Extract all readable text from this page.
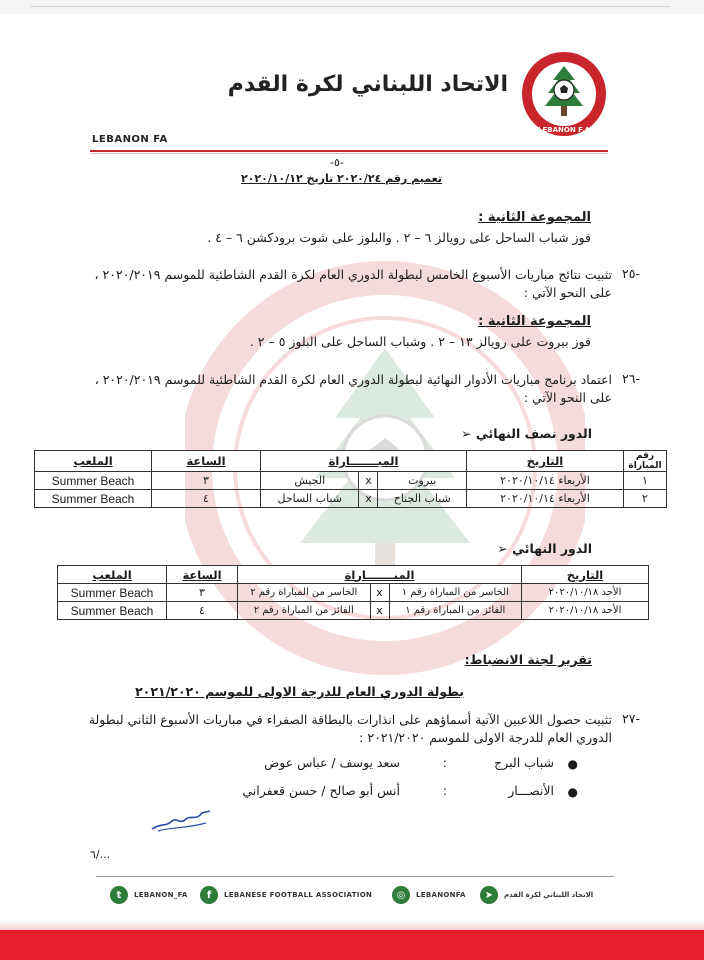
LEBANON F.A
الاتحاد اللبناني لكرة القدم
LEBANON FA
-٥-
تعميم رقم ٢٠٢٠/٢٤ تاريخ ٢٠٢٠/١٠/١٢
المجموعة الثانية :
فوز شباب الساحل على رويالز ٦ – ٢ . والبلوز على شوت برودكشن ٦ – ٤ .
-٢٥
تثبيت نتائج مباريات الأسبوع الخامس لبطولة الدوري العام لكرة القدم الشاطئية للموسم ٢٠٢٠/٢٠١٩ ، على النحو الآتي :
المجموعة الثانية :
فوز بيروت على رويالز ١٣ – ٢ . وشباب الساحل على البلوز ٥ – ٢ .
-٢٦
اعتماد برنامج مباريات الأدوار النهائية لبطولة الدوري العام لكرة القدم الشاطئية للموسم ٢٠٢٠/٢٠١٩ ، على النحو الآتي :
الدور نصف النهائي ➢
رقم المباراة	التاريخ	المبـــــــاراة			الساعة	الملعب
١	الأربعاء ٢٠٢٠/١٠/١٤	بيروت	x	الجيش	٣	Summer Beach
٢	الأربعاء ٢٠٢٠/١٠/١٤	شباب الجناح	x	شباب الساحل	٤	Summer Beach
الدور النهائي ➢
التاريخ	المبـــــــاراة			الساعة	الملعب
الأحد ٢٠٢٠/١٠/١٨	الخاسر من المباراة رقم ١	x	الخاسر من المباراة رقم ٢	٣	Summer Beach
الأحد ٢٠٢٠/١٠/١٨	الفائز من المباراة رقم ١	x	الفائز من المباراة رقم ٢	٤	Summer Beach
تقرير لجنة الانضباط:
بطولة الدوري العام للدرجة الاولى للموسم ٢٠٢١/٢٠٢٠
-٢٧
تثبيت حصول اللاعبين الآتية أسماؤهم على انذارات بالبطاقة الصفراء في مباريات الأسبوع الثاني لبطولة الدوري العام للدرجة الاولى للموسم ٢٠٢١/٢٠٢٠ :
●
شباب البرج
:
سعد يوسف / عباس عوض
●
الأنصـــار
:
أنس أبو صالح / حسن قعفراني
٦/...
t	LEBANON_FA	f	LEBANESE FOOTBALL ASSOCIATION	◎	LEBANONFA	➤	الاتحاد اللبناني لكرة القدم
